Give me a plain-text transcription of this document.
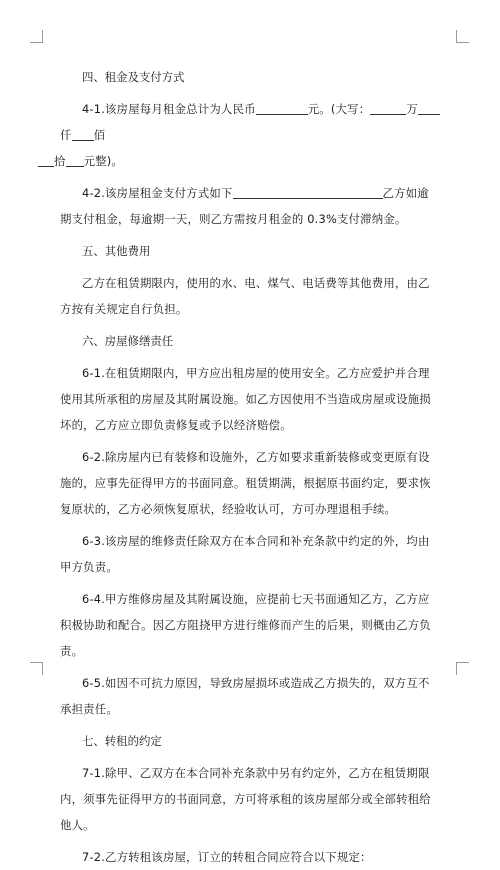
四、租金及支付方式

4-1.该房屋每月租金总计为人民币	元。(大写：	万仟 佰
拾 元整)。

4-2.该房屋租金支付方式如下	乙方如逾期支付租金，每逾期一天，则乙方需按月租金的 0.3%支付滞纳金。

五、其他费用

乙方在租赁期限内，使用的水、电、煤气、电话费等其他费用，由乙方按有关规定自行负担。

六、房屋修缮责任

6-1.在租赁期限内，甲方应出租房屋的使用安全。乙方应爱护并合理使用其所承租的房屋及其附属设施。如乙方因使用不当造成房屋或设施损坏的，乙方应立即负责修复或予以经济赔偿。

6-2.除房屋内已有装修和设施外，乙方如要求重新装修或变更原有设施的，应事先征得甲方的书面同意。租赁期满，根据原书面约定，要求恢复原状的，乙方必须恢复原状，经验收认可，方可办理退租手续。

6-3.该房屋的维修责任除双方在本合同和补充条款中约定的外，均由甲方负责。

6-4.甲方维修房屋及其附属设施，应提前七天书面通知乙方，乙方应积极协助和配合。因乙方阻挠甲方进行维修而产生的后果，则概由乙方负责。

6-5.如因不可抗力原因，导致房屋损坏或造成乙方损失的，双方互不承担责任。

七、转租的约定

7-1.除甲、乙双方在本合同补充条款中另有约定外，乙方在租赁期限内，须事先征得甲方的书面同意，方可将承租的该房屋部分或全部转租给他人。

7-2.乙方转租该房屋，订立的转租合同应符合以下规定：
